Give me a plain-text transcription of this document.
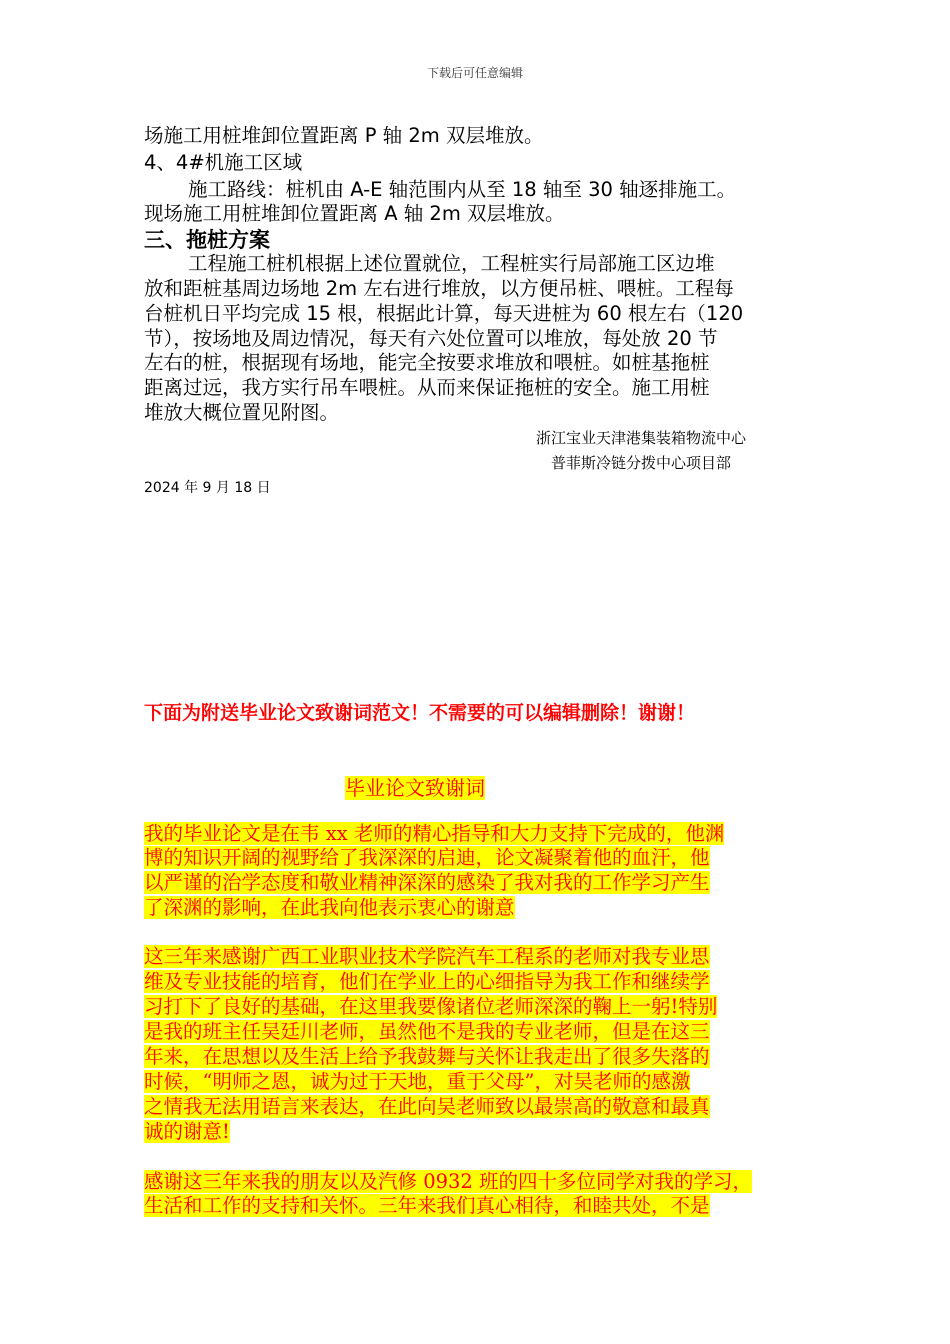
下载后可任意编辑
场施工用桩堆卸位置距离 P 轴 2m 双层堆放。
4、4#机施工区域
施工路线：桩机由 A-E 轴范围内从至 18 轴至 30 轴逐排施工。
现场施工用桩堆卸位置距离 A 轴 2m 双层堆放。
三、拖桩方案
工程施工桩机根据上述位置就位，工程桩实行局部施工区边堆
放和距桩基周边场地 2m 左右进行堆放，以方便吊桩、喂桩。工程每
台桩机日平均完成 15 根，根据此计算，每天进桩为 60 根左右（120
节），按场地及周边情况，每天有六处位置可以堆放，每处放 20 节
左右的桩，根据现有场地，能完全按要求堆放和喂桩。如桩基拖桩
距离过远，我方实行吊车喂桩。从而来保证拖桩的安全。施工用桩
堆放大概位置见附图。
浙江宝业天津港集装箱物流中心
普菲斯冷链分拨中心项目部
2024 年 9 月 18 日
下面为附送毕业论文致谢词范文！不需要的可以编辑删除！谢谢！
毕业论文致谢词
我的毕业论文是在韦 xx 老师的精心指导和大力支持下完成的，他渊
博的知识开阔的视野给了我深深的启迪，论文凝聚着他的血汗，他
以严谨的治学态度和敬业精神深深的感染了我对我的工作学习产生
了深渊的影响，在此我向他表示衷心的谢意
这三年来感谢广西工业职业技术学院汽车工程系的老师对我专业思
维及专业技能的培育，他们在学业上的心细指导为我工作和继续学
习打下了良好的基础，在这里我要像诸位老师深深的鞠上一躬!特别
是我的班主任吴廷川老师，虽然他不是我的专业老师，但是在这三
年来，在思想以及生活上给予我鼓舞与关怀让我走出了很多失落的
时候，“明师之恩，诚为过于天地，重于父母”，对吴老师的感激
之情我无法用语言来表达，在此向吴老师致以最崇高的敬意和最真
诚的谢意!
感谢这三年来我的朋友以及汽修 0932 班的四十多位同学对我的学习，
生活和工作的支持和关怀。三年来我们真心相待，和睦共处，不是
